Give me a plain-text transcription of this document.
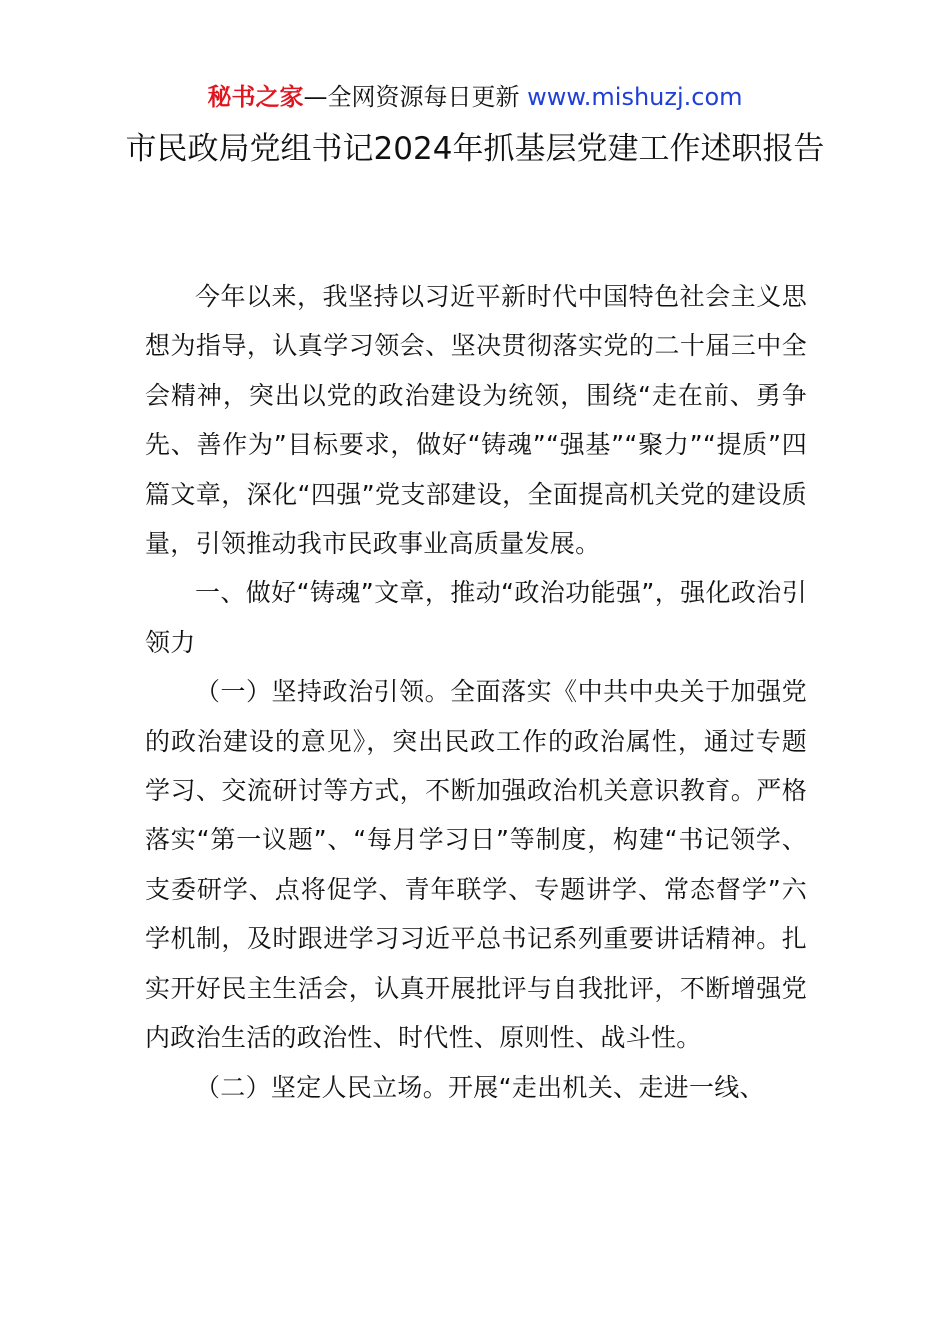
秘书之家—全网资源每日更新 www.mishuzj.com
市民政局党组书记2024年抓基层党建工作述职报告

今年以来，我坚持以习近平新时代中国特色社会主义思想为指导，认真学习领会、坚决贯彻落实党的二十届三中全会精神，突出以党的政治建设为统领，围绕“走在前、勇争先、善作为”目标要求，做好“铸魂”“强基”“聚力”“提质”四篇文章，深化“四强”党支部建设，全面提高机关党的建设质量，引领推动我市民政事业高质量发展。

一、做好“铸魂”文章，推动“政治功能强”，强化政治引领力

（一）坚持政治引领。全面落实《中共中央关于加强党的政治建设的意见》，突出民政工作的政治属性，通过专题学习、交流研讨等方式，不断加强政治机关意识教育。严格落实“第一议题”、“每月学习日”等制度，构建“书记领学、支委研学、点将促学、青年联学、专题讲学、常态督学”六学机制，及时跟进学习习近平总书记系列重要讲话精神。扎实开好民主生活会，认真开展批评与自我批评，不断增强党内政治生活的政治性、时代性、原则性、战斗性。

（二）坚定人民立场。开展“走出机关、走进一线、
